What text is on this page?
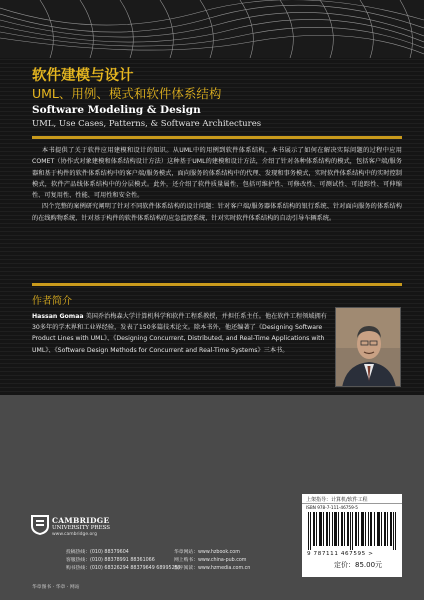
软件建模与设计
UML、用例、模式和软件体系结构
Software Modeling & Design
UML, Use Cases, Patterns, & Software Architectures

本书提供了关于软件应用建模和设计的知识。从UML中的用例到软件体系结构，本书展示了如何在解决实际问题的过程中应用COMET（协作式对象建模和体系结构设计方法）这种基于UML的建模和设计方法，介绍了针对各种体系结构的模式，包括客户端/服务器和基于构件的软件体系结构中的客户端/服务模式，面向服务的体系结构中的代理、发现和事务模式，实时软件体系结构中的实时控制模式，软件产品线体系结构中的分层模式。此外，还介绍了软件质量属性，包括可维护性、可修改性、可测试性、可追踪性、可伸缩性、可复用性、性能、可用性和安全性。

四个完整的案例研究阐明了针对不同软件体系结构的设计问题：针对客户端/服务器体系结构的银行系统、针对面向服务的体系结构的在线购物系统、针对基于构件的软件体系结构的应急监控系统、针对实时软件体系结构的自动引导车辆系统。

作者简介
Hassan Gomaa 美国乔治梅森大学计算机科学和软件工程系教授，并担任系主任。他在软件工程领域拥有30多年的学术界和工业界经验，发表了150多篇技术论文。除本书外，他还编著了《Designing Software Product Lines with UML》、《Designing Concurrent, Distributed, and Real-Time Applications with UML》、《Software Design Methods for Concurrent and Real-Time Systems》三本书。
CAMBRIDGE
UNIVERSITY PRESS
www.cambridge.org
投稿热线：(010) 88379604
客服热线：(010) 88378991 88361066
购书热线：(010) 68326294 88379649 68995259
华章网站：www.hzbook.com
网上购书：www.china-pub.com
数字阅读：www.hzmedia.com.cn
华章图书 · 华章 · 网站
上架指导：计算机/软件工程
ISBN 978-7-111-46759-5
9 787111 467595 >
定价：85.00元
